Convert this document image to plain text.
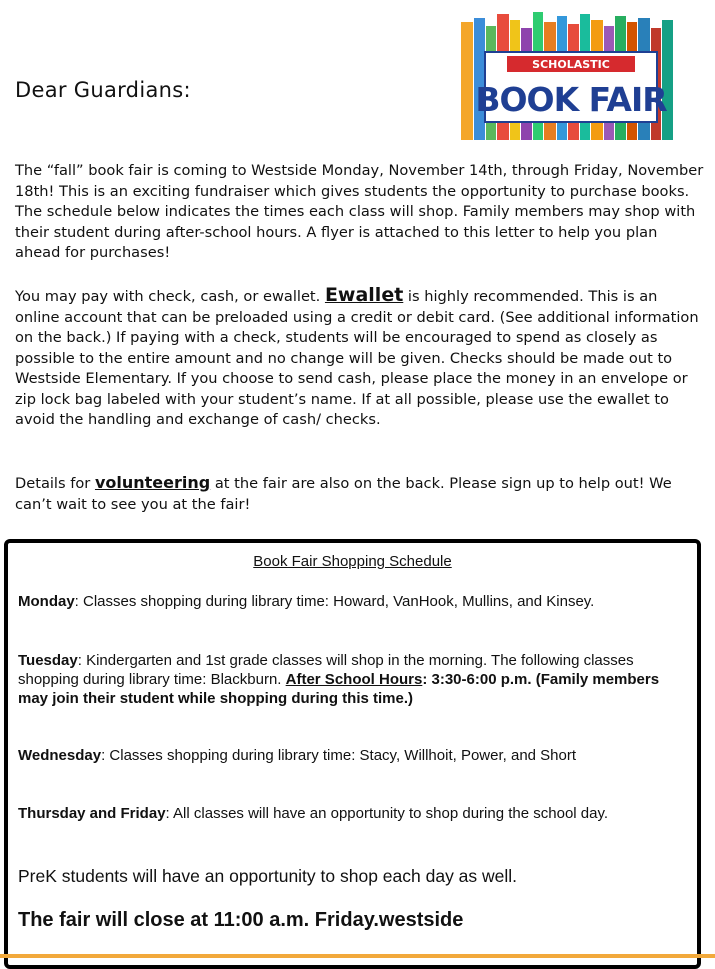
Dear Guardians:
SCHOLASTIC
BOOK FAIR

The “fall” book fair is coming to Westside Monday, November 14th, through Friday, November 18th! This is an exciting fundraiser which gives students the opportunity to purchase books. The schedule below indicates the times each class will shop. Family members may shop with their student during after-school hours. A flyer is attached to this letter to help you plan ahead for purchases!

You may pay with check, cash, or ewallet. Ewallet is highly recommended. This is an online account that can be preloaded using a credit or debit card. (See additional information on the back.) If paying with a check, students will be encouraged to spend as closely as possible to the entire amount and no change will be given. Checks should be made out to Westside Elementary. If you choose to send cash, please place the money in an envelope or zip lock bag labeled with your student’s name. If at all possible, please use the ewallet to avoid the handling and exchange of cash/ checks.

Details for volunteering at the fair are also on the back. Please sign up to help out! We can’t wait to see you at the fair!

Book Fair Shopping Schedule

Monday: Classes shopping during library time: Howard, VanHook, Mullins, and Kinsey.

Tuesday: Kindergarten and 1st grade classes will shop in the morning. The following classes shopping during library time: Blackburn. After School Hours: 3:30-6:00 p.m. (Family members may join their student while shopping during this time.)

Wednesday: Classes shopping during library time: Stacy, Willhoit, Power, and Short

Thursday and Friday: All classes will have an opportunity to shop during the school day.

PreK students will have an opportunity to shop each day as well.

The fair will close at 11:00 a.m. Friday.westside
